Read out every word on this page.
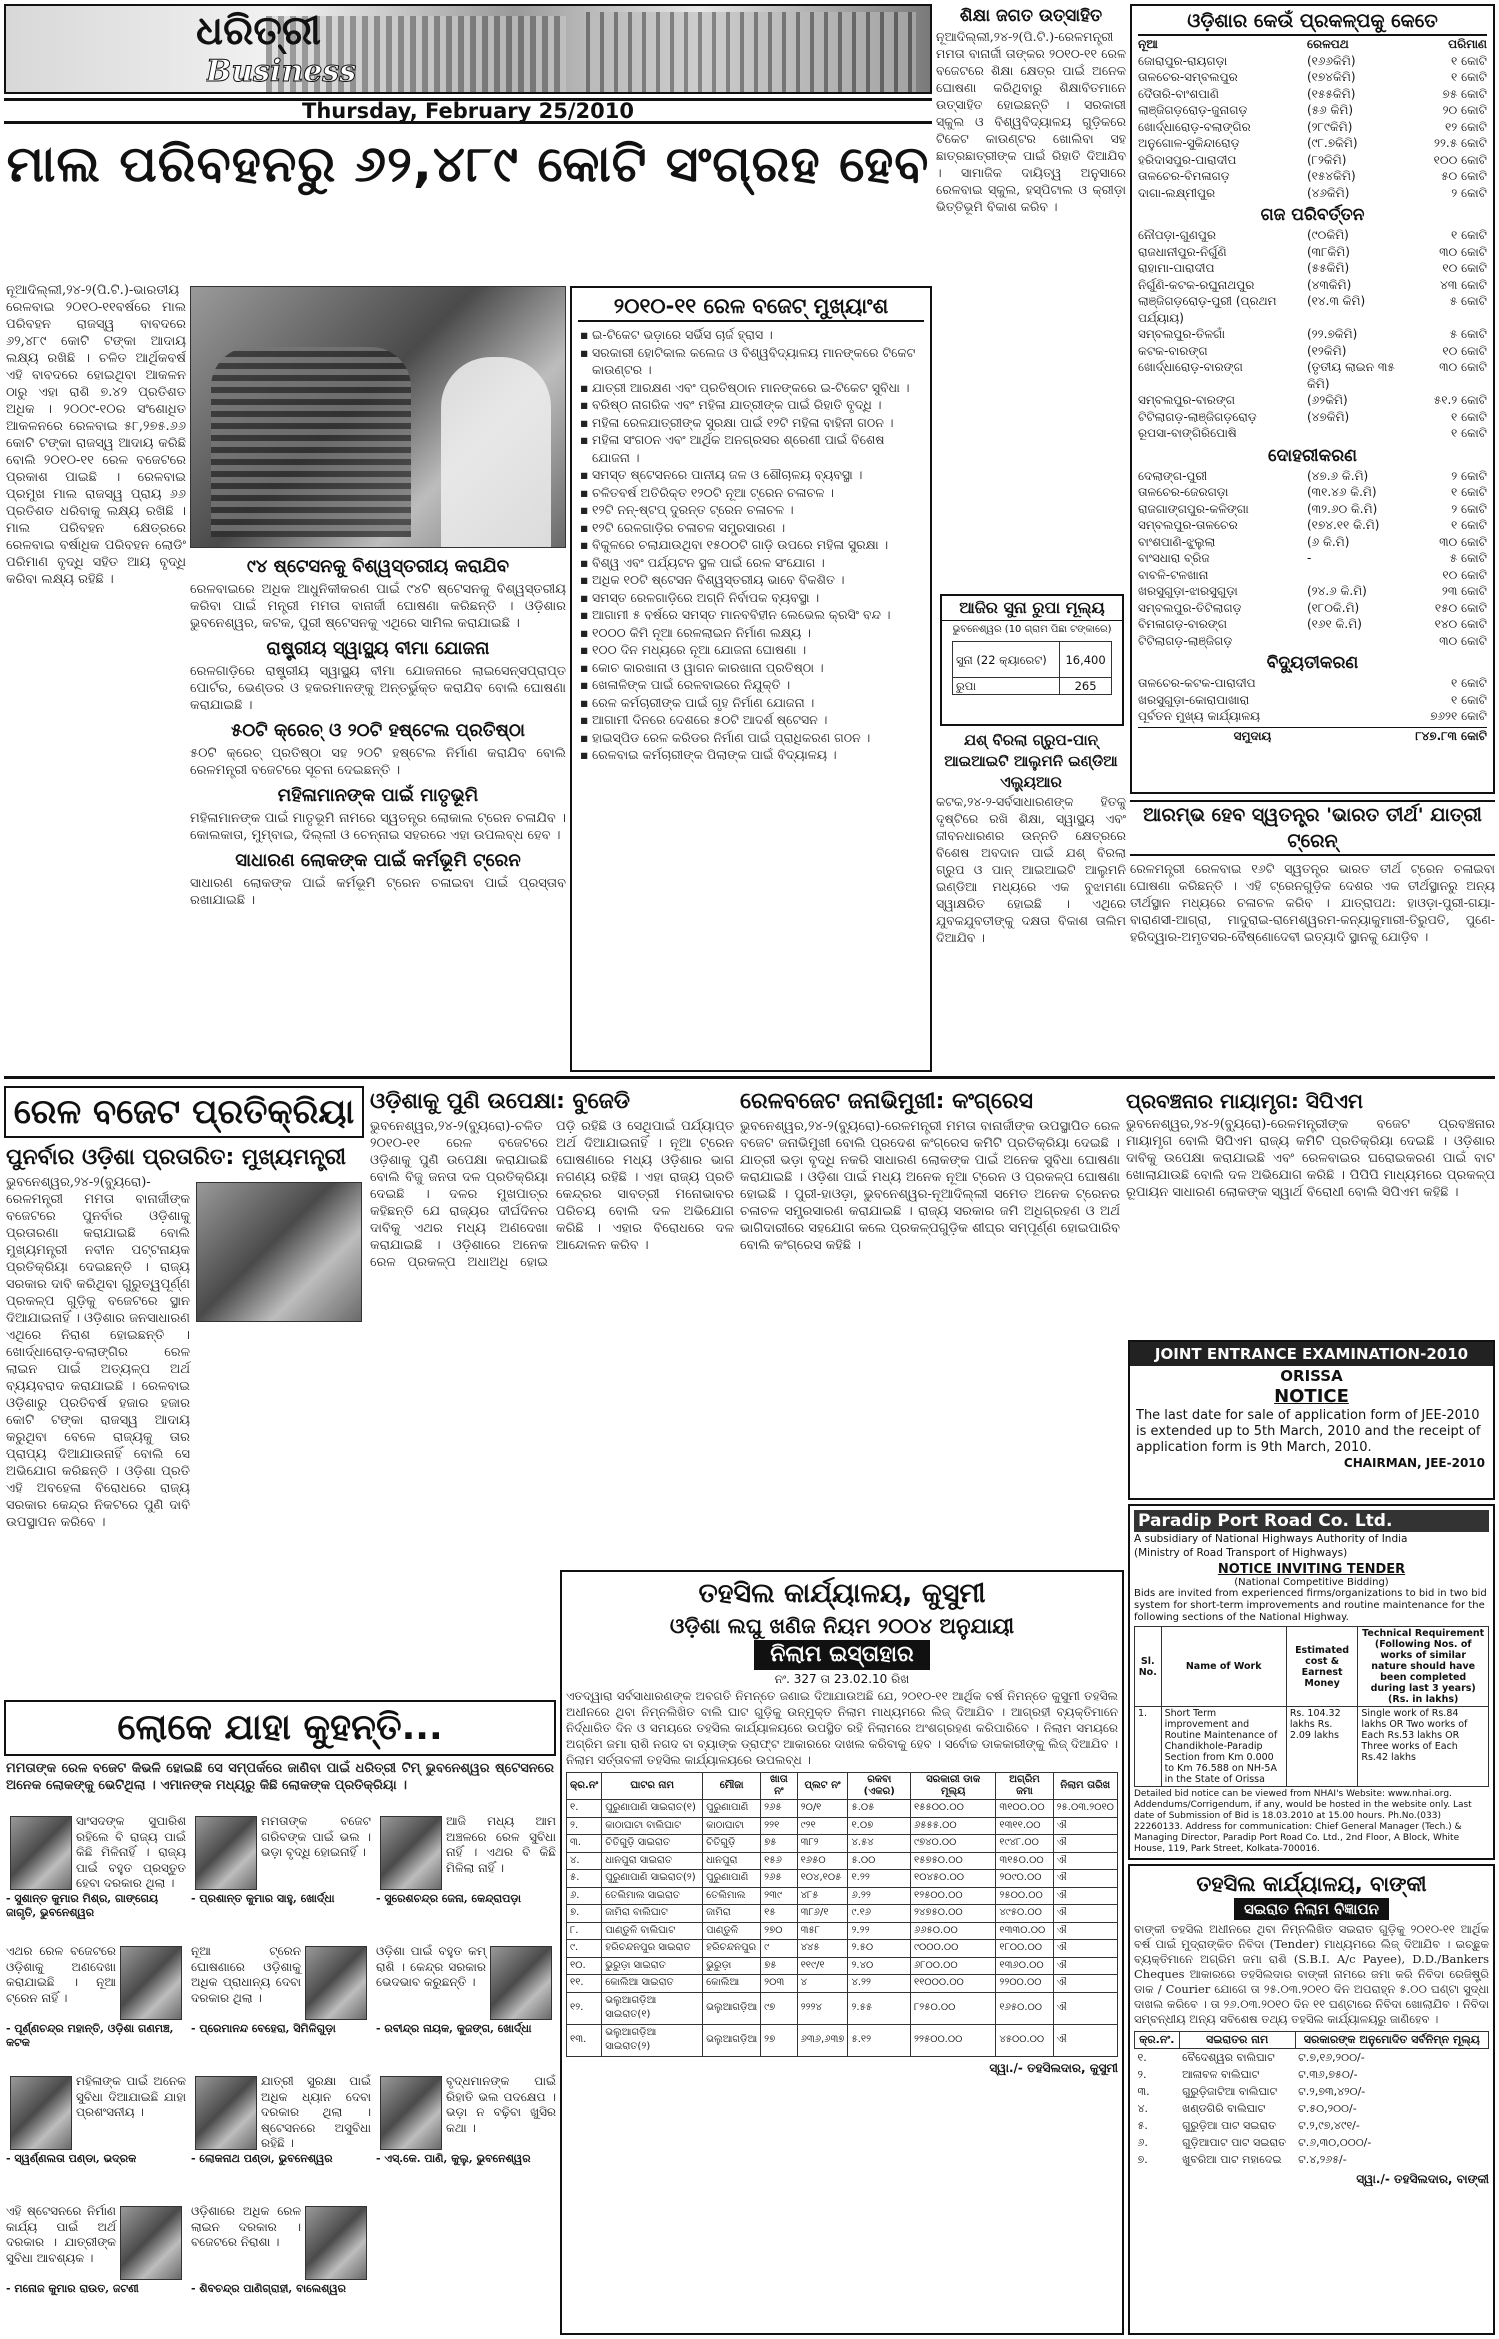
ଧରିତ୍ରୀ
Business
Thursday, February 25/2010
ମାଲ ପରିବହନରୁ ୬୨,୪୮୯ କୋଟି ସଂଗ୍ରହ ହେବ
ନୂଆଦିଲ୍ଲୀ,୨୪-୨(ପି.ଟି.)-ଭାରତୀୟ ରେଳବାଇ ୨୦୧୦-୧୧ବର୍ଷରେ ମାଲ ପରିବହନ ରାଜସ୍ୱ ବାବଦରେ ୬୨,୪୮୯ କୋଟି ଟଙ୍କା ଆଦାୟ ଲକ୍ଷ୍ୟ ରଖିଛି । ଚଳିତ ଆର୍ଥିକବର୍ଷ ଏହି ବାବଦରେ ହୋଇଥିବା ଆକଳନ ଠାରୁ ଏହା ରାଶି ୭.୪୨ ପ୍ରତିଶତ ଅଧିକ । ୨୦୦୯-୧୦ର ସଂଶୋଧିତ ଆକଳନରେ ରେଳବାଇ ୫୮,୨୭୫.୬୬ କୋଟି ଟଙ୍କା ରାଜସ୍ୱ ଆଦାୟ କରିଛି ବୋଲି ୨୦୧୦-୧୧ ରେଳ ବଜେଟରେ ପ୍ରକାଶ ପାଇଛି । ରେଳବାଇ ପ୍ରମୁଖ ମାଲ ରାଜସ୍ୱ ପ୍ରାୟ ୬୬ ପ୍ରତିଶତ ଧରିବାକୁ ଲକ୍ଷ୍ୟ ରଖିଛି । ମାଲ ପରିବହନ କ୍ଷେତ୍ରରେ ରେଳବାଇ ବର୍ଷାଧିକ ପରିବହନ ଲୋଡିଂ ପରିମାଣ ବୃଦ୍ଧି ସହିତ ଆୟ ବୃଦ୍ଧି କରିବା ଲକ୍ଷ୍ୟ ରହିଛି ।
୯୪ ଷ୍ଟେସନକୁ ବିଶ୍ୱସ୍ତରୀୟ କରାଯିବ
ରେଳବାଇରେ ଅଧିକ ଆଧୁନିକୀକରଣ ପାଇଁ ୯୪ଟି ଷ୍ଟେସନକୁ ବିଶ୍ୱସ୍ତରୀୟ କରିବା ପାଇଁ ମନ୍ତ୍ରୀ ମମତା ବାନାର୍ଜୀ ଘୋଷଣା କରିଛନ୍ତି । ଓଡ଼ିଶାର ଭୁବନେଶ୍ୱର, କଟକ, ପୁରୀ ଷ୍ଟେସନକୁ ଏଥିରେ ସାମିଲ କରାଯାଇଛି ।
ରାଷ୍ଟ୍ରୀୟ ସ୍ୱାସ୍ଥ୍ୟ ବୀମା ଯୋଜନା
ରେଳଗାଡ଼ିରେ ରାଷ୍ଟ୍ରୀୟ ସ୍ୱାସ୍ଥ୍ୟ ବୀମା ଯୋଜନାରେ ଲାଇସେନ୍ସପ୍ରାପ୍ତ ପୋର୍ଟର, ଭେଣ୍ଡର ଓ ହକରମାନଙ୍କୁ ଅନ୍ତର୍ଭୁକ୍ତ କରାଯିବ ବୋଲି ଘୋଷଣା କରାଯାଇଛି ।
୫୦ଟି କ୍ରେଚ୍ ଓ ୨୦ଟି ହଷ୍ଟେଲ ପ୍ରତିଷ୍ଠା
୫୦ଟି କ୍ରେଚ୍ ପ୍ରତିଷ୍ଠା ସହ ୨୦ଟି ହଷ୍ଟେଲ ନିର୍ମାଣ କରାଯିବ ବୋଲି ରେଳମନ୍ତ୍ରୀ ବଜେଟରେ ସୂଚନା ଦେଇଛନ୍ତି ।
ମହିଳାମାନଙ୍କ ପାଇଁ ମାତୃଭୂମି
ମହିଳାମାନଙ୍କ ପାଇଁ ମାତୃଭୂମି ନାମରେ ସ୍ୱତନ୍ତ୍ର ଲୋକାଲ ଟ୍ରେନ ଚଳାଯିବ । କୋଲକାତା, ମୁମ୍ବାଇ, ଦିଲ୍ଲୀ ଓ ଚେନ୍ନାଇ ସହରରେ ଏହା ଉପଲବ୍ଧ ହେବ ।
ସାଧାରଣ ଲୋକଙ୍କ ପାଇଁ କର୍ମଭୂମି ଟ୍ରେନ
ସାଧାରଣ ଲୋକଙ୍କ ପାଇଁ କର୍ମଭୂମି ଟ୍ରେନ ଚଳାଇବା ପାଇଁ ପ୍ରସ୍ତାବ ରଖାଯାଇଛି ।
୨୦୧୦-୧୧ ରେଳ ବଜେଟ୍ ମୁଖ୍ୟାଂଶ
▪ ଇ-ଟିକେଟ ଭଡ଼ାରେ ସର୍ଭିସ ଚାର୍ଜ ହ୍ରାସ ।
▪ ସରକାରୀ ହୋଟିକାଲ କଲେଜ ଓ ବିଶ୍ୱବିଦ୍ୟାଳୟ ମାନଙ୍କରେ ଟିକେଟ କାଉଣ୍ଟର ।
▪ ଯାତ୍ରୀ ଆରକ୍ଷଣ ଏବଂ ପ୍ରତିଷ୍ଠାନ ମାନଙ୍କରେ ଇ-ଟିକେଟ ସୁବିଧା ।
▪ ବରିଷ୍ଠ ନାଗରିକ ଏବଂ ମହିଳା ଯାତ୍ରୀଙ୍କ ପାଇଁ ରିହାତି ବୃଦ୍ଧି ।
▪ ମହିଳା ରେଳଯାତ୍ରୀଙ୍କ ସୁରକ୍ଷା ପାଇଁ ୧୨ଟି ମହିଳା ବାହିନୀ ଗଠନ ।
▪ ମହିଳା ସଂଗଠନ ଏବଂ ଆର୍ଥିକ ଅନଗ୍ରସର ଶ୍ରେଣୀ ପାଇଁ ବିଶେଷ ଯୋଜନା ।
▪ ସମସ୍ତ ଷ୍ଟେସନରେ ପାନୀୟ ଜଳ ଓ ଶୌଚାଳୟ ବ୍ୟବସ୍ଥା ।
▪ ଚଳିତବର୍ଷ ଅତିରିକ୍ତ ୧୨୦ଟି ନୂଆ ଟ୍ରେନ ଚଳାଚଳ ।
▪ ୧୨ଟି ନନ୍-ଷ୍ଟପ୍ ଦୁରନ୍ତ ଟ୍ରେନ ଚଳାଚଳ ।
▪ ୧୨ଟି ରେଳଗାଡ଼ିର ଚଳାଚଳ ସମ୍ପ୍ରସାରଣ ।
▪ ବିକୁଳରେ ଚଲାଯାଉଥିବା ୧୫୦୦ଟି ଗାଡ଼ି ଉପରେ ମହିଳା ସୁରକ୍ଷା ।
▪ ବିଶ୍ୱ ଏବଂ ପର୍ଯ୍ୟଟନ ସ୍ଥଳ ପାଇଁ ରେଳ ସଂଯୋଗ ।
▪ ଅଧିକ ୧୦ଟି ଷ୍ଟେସନ ବିଶ୍ୱସ୍ତରୀୟ ଭାବେ ବିକଶିତ ।
▪ ସମସ୍ତ ରେଳଗାଡ଼ିରେ ଅଗ୍ନି ନିର୍ବାପକ ବ୍ୟବସ୍ଥା ।
▪ ଆଗାମୀ ୫ ବର୍ଷରେ ସମସ୍ତ ମାନବବିହୀନ ଲେଭେଲ କ୍ରସିଂ ବନ୍ଦ ।
▪ ୧୦୦୦ କିମି ନୂଆ ରେଳଲାଇନ ନିର୍ମାଣ ଲକ୍ଷ୍ୟ ।
▪ ୧୦୦ ଦିନ ମଧ୍ୟରେ ନୂଆ ଯୋଜନା ଘୋଷଣା ।
▪ କୋଚ କାରଖାନା ଓ ୱାଗନ କାରଖାନା ପ୍ରତିଷ୍ଠା ।
▪ ଖେଳାଳିଙ୍କ ପାଇଁ ରେଳବାଇରେ ନିଯୁକ୍ତି ।
▪ ରେଳ କର୍ମଚାରୀଙ୍କ ପାଇଁ ଗୃହ ନିର୍ମାଣ ଯୋଜନା ।
▪ ଆଗାମୀ ଦିନରେ ଦେଶରେ ୫୦ଟି ଆଦର୍ଶ ଷ୍ଟେସନ ।
▪ ହାଇସ୍ପିଡ ରେଳ କରିଡର ନିର୍ମାଣ ପାଇଁ ପ୍ରାଧିକରଣ ଗଠନ ।
▪ ରେଳବାଇ କର୍ମଚାରୀଙ୍କ ପିଲାଙ୍କ ପାଇଁ ବିଦ୍ୟାଳୟ ।
ଶିକ୍ଷା ଜଗତ ଉତ୍ସାହିତ
ନୂଆଦିଲ୍ଲୀ,୨୪-୨(ପି.ଟି.)-ରେଳମନ୍ତ୍ରୀ ମମତା ବାନାର୍ଜୀ ତାଙ୍କର ୨୦୧୦-୧୧ ରେଳ ବଜେଟରେ ଶିକ୍ଷା କ୍ଷେତ୍ର ପାଇଁ ଅନେକ ଘୋଷଣା କରିଥିବାରୁ ଶିକ୍ଷାବିତମାନେ ଉତ୍ସାହିତ ହୋଇଛନ୍ତି । ସରକାରୀ ସ୍କୁଲ ଓ ବିଶ୍ୱବିଦ୍ୟାଳୟ ଗୁଡ଼ିକରେ ଟିକେଟ କାଉଣ୍ଟର ଖୋଲିବା ସହ ଛାତ୍ରଛାତ୍ରୀଙ୍କ ପାଇଁ ରିହାତି ଦିଆଯିବ । ସାମାଜିକ ଦାୟିତ୍ୱ ଅନୁସାରେ ରେଳବାଇ ସ୍କୁଲ, ହସ୍ପିଟାଲ ଓ କ୍ରୀଡ଼ା ଭିତ୍ତିଭୂମି ବିକାଶ କରିବ ।
ଆଜିର ସୁନା ରୁପା ମୂଲ୍ୟ
ଭୁବନେଶ୍ୱର (10 ଗ୍ରାମ ପିଛା ଟଙ୍କାରେ)
ସୁନା (22 କ୍ୟାରେଟ)	16,400
ରୁପା	265
ଯଶ୍ ବିରଲା ଗ୍ରୁପ-ପାନ୍ ଆଇଆଇଟି ଆଲୁମନି ଇଣ୍ଡିଆ ଏଲ୍ୟୁଆର
କଟକ,୨୪-୨-ସର୍ବସାଧାରଣଙ୍କ ହିତକୁ ଦୃଷ୍ଟିରେ ରଖି ଶିକ୍ଷା, ସ୍ୱାସ୍ଥ୍ୟ ଏବଂ ଜୀବନଧାରଣର ଉନ୍ନତି କ୍ଷେତ୍ରରେ ବିଶେଷ ଅବଦାନ ପାଇଁ ଯଶ୍ ବିରଲା ଗ୍ରୁପ ଓ ପାନ୍ ଆଇଆଇଟି ଆଲୁମନି ଇଣ୍ଡିଆ ମଧ୍ୟରେ ଏକ ବୁଝାମଣା ସ୍ୱାକ୍ଷରିତ ହୋଇଛି । ଏଥିରେ ଯୁବକଯୁବତୀଙ୍କୁ ଦକ୍ଷତା ବିକାଶ ତାଲିମ ଦିଆଯିବ ।
ଓଡ଼ିଶାର କେଉଁ ପ୍ରକଳ୍ପକୁ କେତେ
ନୂଆ	ରେଳପଥ	ପରିମାଣ
ଜୋରାପୁର-ରାୟଗଡ଼ା	(୧୬୬କିମି)	୧ କୋଟି
ତାଳଚେର-ସମ୍ବଲପୁର	(୧୭୪କିମି)	୧ କୋଟି
ଦୈତାରି-ବାଂଶପାଣି	(୧୫୫କିମି)	୭୫ କୋଟି
ଲାଞ୍ଜିଗଡ଼ରୋଡ଼-ଜୁନାଗଡ଼	(୫୬ କିମି)	୨୦ କୋଟି
ଖୋର୍ଦ୍ଧାରୋଡ଼-ବଲାଙ୍ଗିର	(୨୮୯କିମି)	୧୨ କୋଟି
ଅନୁଗୋଳ-ସୁକିନ୍ଦାରୋଡ଼	(୯୮.୭କିମି)	୨୨.୫ କୋଟି
ହରିଦାସପୁର-ପାରାଦୀପ	(୮୨କିମି)	୧୦୦ କୋଟି
ତାଳଚେର-ବିମଳାଗଡ଼	(୧୫୪କିମି)	୫୦ କୋଟି
ଦାଗା-ଲକ୍ଷ୍ମୀପୁର	(୪୬କିମି)	୨ କୋଟି
ଗଜ ପରିବର୍ତ୍ତନ
ନୌପଡ଼ା-ଗୁଣପୁର	(୯୦କିମି)	୧ କୋଟି
ରାଜଧାନୀପୁର-ନିର୍ଗୁଣି	(୩୮କିମି)	୩୦ କୋଟି
ରାହାମା-ପାରାଦୀପ	(୫୫କିମି)	୧୦ କୋଟି
ନିର୍ଗୁଣି-କଟକ-ରଘୁନାଥପୁର	(୪୩କିମି)	୪୩ କୋଟି
ଲାଞ୍ଜିଗଡ଼ରୋଡ଼-ପୁରୀ (ପ୍ରଥମ ପର୍ଯ୍ୟାୟ)
(୧୪.୩ କିମି)	୫ କୋଟି
ସମ୍ବଲପୁର-ତିଳଗାଁ	(୨୨.୭କିମି)	୫ କୋଟି
କଟକ-ବାରଙ୍ଗ	(୧୨କିମି)	୧୦ କୋଟି
ଖୋର୍ଦ୍ଧାରୋଡ଼-ବାରଙ୍ଗ	(ତୃତୀୟ ଲାଇନ ୩୫ କିମି)
୩୦ କୋଟି
ସମ୍ବଲପୁର-ବାରଙ୍ଗ	(୬୨କିମି)	୫୧.୨ କୋଟି
ଟିଟିଲାଗଡ଼-ଲାଞ୍ଜିଗଡ଼ରୋଡ଼	(୪୭କିମି)	୧ କୋଟି
ରୂପସା-ବାଙ୍ଗିରିପୋଷି	୧ କୋଟି
ଦୋହରୀକରଣ
ଦେଲାଙ୍ଗ-ପୁରୀ	(୪୭.୬ କି.ମି)	୨ କୋଟି
ତାଳଚେର-ଜେରଗଡ଼ା	(୩୧.୪୬ କି.ମି)	୧ କୋଟି
ରାଜଗାଙ୍ଗପୁର-କଳିଙ୍ଗା	(୩୨.୬୦ କି.ମି)	୨ କୋଟି
ସମ୍ବଲପୁର-ତାଳଚେର	(୧୭୪.୧୧ କି.ମି)	୧ କୋଟି
ବାଂଶପାଣି-ଝୁଲୁଲା	(୬ କି.ମି)	୩୦ କୋଟି
ବାଂସଧାରା ବ୍ରିଜ	-	୫ କୋଟି
ବାବଳି-ଟଳଖାନା	୧୦ କୋଟି
ଖରସୁଗୁଡ଼ା-ଝାରସୁଗୁଡ଼ା	(୨୪.୬ କି.ମି)	୨୩ କୋଟି
ସମ୍ବଲପୁର-ତିଟିଲାଗଡ଼	(୧୮୦କି.ମି)	୧୫୦ କୋଟି
ବିମଳାଗଡ଼-ବାରଙ୍ଗ	(୧୬୧ କି.ମି)	୧୪୦ କୋଟି
ଟିଟିଲାଗଡ଼-ଲାଞ୍ଜିଗଡ଼	୩୦ କୋଟି
ବିଦ୍ୟୁତୀକରଣ
ତାଳଚେର-କଟକ-ପାରାଦୀପ	୧ କୋଟି
ଖରସୁଗୁଡ଼ା-କୋରାପାଖାରା	୧ କୋଟି
ପୂର୍ବତନ ମୁଖ୍ୟ କାର୍ଯ୍ୟାଳୟ	୭୬୨୧ କୋଟି
ସମୁଦାୟ	୮୪୭.୮୩ କୋଟି
ଆରମ୍ଭ ହେବ ସ୍ୱତନ୍ତ୍ର 'ଭାରତ ତୀର୍ଥ' ଯାତ୍ରୀ ଟ୍ରେନ୍
ରେଳମନ୍ତ୍ରୀ ରେଳବାଇ ୧୬ଟି ସ୍ୱତନ୍ତ୍ର ଭାରତ ତୀର୍ଥ ଟ୍ରେନ ଚଳାଇବା ଘୋଷଣା କରିଛନ୍ତି । ଏହି ଟ୍ରେନଗୁଡ଼ିକ ଦେଶର ଏକ ତୀର୍ଥସ୍ଥାନରୁ ଅନ୍ୟ ତୀର୍ଥସ୍ଥାନ ମଧ୍ୟରେ ଚଳାଚଳ କରିବ । ଯାତ୍ରାପଥ: ହାଓଡ଼ା-ପୁରୀ-ଗୟା-ବାରାଣସୀ-ଆଗ୍ରା, ମାଦୁରାଇ-ରାମେଶ୍ୱରମ-କନ୍ୟାକୁମାରୀ-ତିରୁପତି, ପୁଣେ-ହରିଦ୍ୱାର-ଅମୃତସର-ବୈଷ୍ଣୋଦେବୀ ଇତ୍ୟାଦି ସ୍ଥାନକୁ ଯୋଡ଼ିବ ।
ରେଳ ବଜେଟ ପ୍ରତିକ୍ରିୟା
ପୁନର୍ବାର ଓଡ଼ିଶା ପ୍ରତାରିତ: ମୁଖ୍ୟମନ୍ତ୍ରୀ
ଭୁବନେଶ୍ୱର,୨୪-୨(ବ୍ୟୁରୋ)-ରେଳମନ୍ତ୍ରୀ ମମତା ବାନାର୍ଜୀଙ୍କ ବଜେଟରେ ପୁନର୍ବାର ଓଡ଼ିଶାକୁ ପ୍ରତାରଣା କରାଯାଇଛି ବୋଲି ମୁଖ୍ୟମନ୍ତ୍ରୀ ନବୀନ ପଟ୍ଟନାୟକ ପ୍ରତିକ୍ରିୟା ଦେଇଛନ୍ତି । ରାଜ୍ୟ ସରକାର ଦାବି କରିଥିବା ଗୁରୁତ୍ୱପୂର୍ଣ୍ଣ ପ୍ରକଳ୍ପ ଗୁଡ଼ିକୁ ବଜେଟରେ ସ୍ଥାନ ଦିଆଯାଇନାହିଁ । ଓଡ଼ିଶାର ଜନସାଧାରଣ ଏଥିରେ ନିରାଶ ହୋଇଛନ୍ତି । ଖୋର୍ଦ୍ଧାରୋଡ଼-ବଲାଙ୍ଗିର ରେଳ ଲାଇନ ପାଇଁ ଅତ୍ୟଳ୍ପ ଅର୍ଥ ବ୍ୟୟବରାଦ କରାଯାଇଛି । ରେଳବାଇ ଓଡ଼ିଶାରୁ ପ୍ରତିବର୍ଷ ହଜାର ହଜାର କୋଟି ଟଙ୍କା ରାଜସ୍ୱ ଆଦାୟ କରୁଥିବା ବେଳେ ରାଜ୍ୟକୁ ତାର ପ୍ରାପ୍ୟ ଦିଆଯାଉନାହିଁ ବୋଲି ସେ ଅଭିଯୋଗ କରିଛନ୍ତି । ଓଡ଼ିଶା ପ୍ରତି ଏହି ଅବହେଳା ବିରୋଧରେ ରାଜ୍ୟ ସରକାର କେନ୍ଦ୍ର ନିକଟରେ ପୁଣି ଦାବି ଉପସ୍ଥାପନ କରିବେ ।
ଓଡ଼ିଶାକୁ ପୁଣି ଉପେକ୍ଷା: ବୁଜେଡି
ଭୁବନେଶ୍ୱର,୨୪-୨(ବ୍ୟୁରୋ)-ଚଳିତ ୨୦୧୦-୧୧ ରେଳ ବଜେଟରେ ଓଡ଼ିଶାକୁ ପୁଣି ଉପେକ୍ଷା କରାଯାଇଛି ବୋଲି ବିଜୁ ଜନତା ଦଳ ପ୍ରତିକ୍ରିୟା ଦେଇଛି । ଦଳର ମୁଖପାତ୍ର କହିଛନ୍ତି ଯେ ରାଜ୍ୟର ଦୀର୍ଘଦିନର ଦାବିକୁ ଏଥର ମଧ୍ୟ ଅଣଦେଖା କରାଯାଇଛି । ଓଡ଼ିଶାରେ ଅନେକ ରେଳ ପ୍ରକଳ୍ପ ଅଧାଅଧି ହୋଇ ପଡ଼ି ରହିଛି ଓ ସେଥିପାଇଁ ପର୍ଯ୍ୟାପ୍ତ ଅର୍ଥ ଦିଆଯାଇନାହିଁ । ନୂଆ ଟ୍ରେନ ଘୋଷଣାରେ ମଧ୍ୟ ଓଡ଼ିଶାର ଭାଗ ନଗଣ୍ୟ ରହିଛି । ଏହା ରାଜ୍ୟ ପ୍ରତି କେନ୍ଦ୍ରର ସାବତ୍ରୀ ମନୋଭାବର ପରିଚୟ ବୋଲି ଦଳ ଅଭିଯୋଗ କରିଛି । ଏହାର ବିରୋଧରେ ଦଳ ଆନ୍ଦୋଳନ କରିବ ।
ରେଳବଜେଟ ଜନାଭିମୁଖୀ: କଂଗ୍ରେସ
ଭୁବନେଶ୍ୱର,୨୪-୨(ବ୍ୟୁରୋ)-ରେଳମନ୍ତ୍ରୀ ମମତା ବାନାର୍ଜୀଙ୍କ ଉପସ୍ଥାପିତ ରେଳ ବଜେଟ ଜନାଭିମୁଖୀ ବୋଲି ପ୍ରଦେଶ କଂଗ୍ରେସ କମିଟି ପ୍ରତିକ୍ରିୟା ଦେଇଛି । ଯାତ୍ରୀ ଭଡ଼ା ବୃଦ୍ଧି ନକରି ସାଧାରଣ ଲୋକଙ୍କ ପାଇଁ ଅନେକ ସୁବିଧା ଘୋଷଣା କରାଯାଇଛି । ଓଡ଼ିଶା ପାଇଁ ମଧ୍ୟ ଅନେକ ନୂଆ ଟ୍ରେନ ଓ ପ୍ରକଳ୍ପ ଘୋଷଣା ହୋଇଛି । ପୁରୀ-ହାଓଡ଼ା, ଭୁବନେଶ୍ୱର-ନୂଆଦିଲ୍ଲୀ ସମେତ ଅନେକ ଟ୍ରେନର ଚଳାଚଳ ସମ୍ପ୍ରସାରଣ କରାଯାଇଛି । ରାଜ୍ୟ ସରକାର ଜମି ଅଧିଗ୍ରହଣ ଓ ଅର୍ଥ ଭାଗିଦାରୀରେ ସହଯୋଗ କଲେ ପ୍ରକଳ୍ପଗୁଡ଼ିକ ଶୀଘ୍ର ସମ୍ପୂର୍ଣ୍ଣ ହୋଇପାରିବ ବୋଲି କଂଗ୍ରେସ କହିଛି ।
ପ୍ରବଞ୍ଚନାର ମାୟାମୃଗ: ସିପିଏମ
ଭୁବନେଶ୍ୱର,୨୪-୨(ବ୍ୟୁରୋ)-ରେଳମନ୍ତ୍ରୀଙ୍କ ବଜେଟ ପ୍ରବଞ୍ଚନାର ମାୟାମୃଗ ବୋଲି ସିପିଏମ ରାଜ୍ୟ କମିଟି ପ୍ରତିକ୍ରିୟା ଦେଇଛି । ଓଡ଼ିଶାର ଦାବିକୁ ଉପେକ୍ଷା କରାଯାଇଛି ଏବଂ ରେଳବାଇର ଘରୋଇକରଣ ପାଇଁ ବାଟ ଖୋଲାଯାଉଛି ବୋଲି ଦଳ ଅଭିଯୋଗ କରିଛି । ପିପିପି ମାଧ୍ୟମରେ ପ୍ରକଳ୍ପ ରୂପାୟନ ସାଧାରଣ ଲୋକଙ୍କ ସ୍ୱାର୍ଥ ବିରୋଧୀ ବୋଲି ସିପିଏମ କହିଛି ।
JOINT ENTRANCE EXAMINATION-2010
ORISSA
NOTICE
The last date for sale of application form of JEE-2010 is extended up to 5th March, 2010 and the receipt of application form is 9th March, 2010.
CHAIRMAN, JEE-2010
Paradip Port Road Co. Ltd.
A subsidiary of National Highways Authority of India
(Ministry of Road Transport of Highways)
NOTICE INVITING TENDER
(National Competitive Bidding)
Bids are invited from experienced firms/organizations to bid in two bid system for short-term improvements and routine maintenance for the following sections of the National Highway.
Sl. No.	Name of Work	Estimated cost & Earnest Money	Technical Requirement (Following Nos. of works of similar nature should have been completed during last 3 years) (Rs. in lakhs)
1.	Short Term improvement and Routine Maintenance of Chandikhole-Paradip Section from Km 0.000 to Km 76.588 on NH-5A in the State of Orissa	Rs. 104.32 lakhs Rs. 2.09 lakhs	Single work of Rs.84 lakhs OR Two works of Each Rs.53 lakhs OR Three works of Each Rs.42 lakhs
Detailed bid notice can be viewed from NHAI's Website: www.nhai.org. Addendums/Corrigendum, if any, would be hosted in the website only. Last date of Submission of Bid is 18.03.2010 at 15.00 hours. Ph.No.(033) 22260133. Address for communication: Chief General Manager (Tech.) & Managing Director, Paradip Port Road Co. Ltd., 2nd Floor, A Block, White House, 119, Park Street, Kolkata-700016.
ଲୋକେ ଯାହା କୁହନ୍ତି...
ମମତାଙ୍କ ରେଳ ବଜେଟ କିଭଳି ହୋଇଛି ସେ ସମ୍ପର୍କରେ ଜାଣିବା ପାଇଁ ଧରିତ୍ରୀ ଟିମ୍ ଭୁବନେଶ୍ୱର ଷ୍ଟେସନରେ ଅନେକ ଲୋକଙ୍କୁ ଭେଟିଥିଲା । ଏମାନଙ୍କ ମଧ୍ୟରୁ କିଛି ଲୋକଙ୍କ ପ୍ରତିକ୍ରିୟା ।
ସାଂସଦଙ୍କ ସୁପାରିଶ ରହିଲେ ବି ରାଜ୍ୟ ପାଇଁ କିଛି ମିଳିନାହିଁ । ରାଜ୍ୟ ପାଇଁ ବହୁତ ପ୍ରସ୍ତୁତ ହେବା ଦରକାର ଥିଲା ।
- ସୁଶାନ୍ତ କୁମାର ମିଶ୍ର, ଗାଙ୍ଗେୟ ଜାଗୃତି, ଭୁବନେଶ୍ୱର
ଏଥର ରେଳ ବଜେଟରେ ଓଡ଼ିଶାକୁ ଅଣଦେଖା କରାଯାଇଛି । ନୂଆ ଟ୍ରେନ ନାହିଁ ।
- ପୂର୍ଣ୍ଣଚନ୍ଦ୍ର ମହାନ୍ତି, ଓଡ଼ିଶା ଗଣମଞ୍ଚ, କଟକ
ମହିଳାଙ୍କ ପାଇଁ ଅନେକ ସୁବିଧା ଦିଆଯାଇଛି ଯାହା ପ୍ରଶଂସନୀୟ ।
- ସ୍ୱର୍ଣ୍ଣଲତା ପଣ୍ଡା, ଭଦ୍ରକ
ଏହି ଷ୍ଟେସନରେ ନିର୍ମାଣ କାର୍ଯ୍ୟ ପାଇଁ ଅର୍ଥ ଦରକାର । ଯାତ୍ରୀଙ୍କ ସୁବିଧା ଆବଶ୍ୟକ ।
- ମନୋଜ କୁମାର ରାଉତ, ଜଟଣୀ
ମମତାଙ୍କ ବଜେଟ ଗରିବଙ୍କ ପାଇଁ ଭଲ । ଭଡ଼ା ବୃଦ୍ଧି ହୋଇନାହିଁ ।
- ପ୍ରଶାନ୍ତ କୁମାର ସାହୁ, ଖୋର୍ଦ୍ଧା
ନୂଆ ଟ୍ରେନ ଘୋଷଣାରେ ଓଡ଼ିଶାକୁ ଅଧିକ ପ୍ରାଧାନ୍ୟ ଦେବା ଦରକାର ଥିଲା ।
- ପ୍ରେମାନନ୍ଦ ବେହେରା, ସିମିଳିଗୁଡ଼ା
ଯାତ୍ରୀ ସୁରକ୍ଷା ପାଇଁ ଅଧିକ ଧ୍ୟାନ ଦେବା ଦରକାର ଥିଲା । ଷ୍ଟେସନରେ ଅସୁବିଧା ରହିଛି ।
- ଲୋକନାଥ ପଣ୍ଡା, ଭୁବନେଶ୍ୱର
ଓଡ଼ିଶାରେ ଅଧିକ ରେଳ ଲାଇନ ଦରକାର । ବଜେଟରେ ନିରାଶା ।
- ଶିବଚନ୍ଦ୍ର ପାଣିଗ୍ରାହୀ, ବାଲେଶ୍ୱର
ଆଜି ମଧ୍ୟ ଆମ ଅଞ୍ଚଳରେ ରେଳ ସୁବିଧା ନାହିଁ । ଏଥର ବି କିଛି ମିଳିଲା ନାହିଁ ।
- ସୁରେଶଚନ୍ଦ୍ର ଜେନା, କେନ୍ଦ୍ରାପଡ଼ା
ଓଡ଼ିଶା ପାଇଁ ବହୁତ କମ୍ ରାଶି । କେନ୍ଦ୍ର ସରକାର ଭେଦଭାବ କରୁଛନ୍ତି ।
- ରବୀନ୍ଦ୍ର ନାୟକ, କୁଜଙ୍ଗ, ଖୋର୍ଦ୍ଧା
ବୃଦ୍ଧମାନଙ୍କ ପାଇଁ ରିହାତି ଭଲ ପଦକ୍ଷେପ । ଭଡ଼ା ନ ବଢ଼ିବା ଖୁସିର କଥା ।
- ଏସ୍.କେ. ପାଣି, କୁଲୁ, ଭୁବନେଶ୍ୱର
ତହସିଲ କାର୍ଯ୍ୟାଳୟ, କୁସୁମୀ
ଓଡ଼ିଶା ଲଘୁ ଖଣିଜ ନିୟମ ୨୦୦୪ ଅନୁଯାୟୀ
ନିଲାମ ଇସ୍ତାହାର
ନଂ. 327 ତା 23.02.10 ରିଖ
ଏତଦ୍ୱାରା ସର୍ବସାଧାରଣଙ୍କ ଅବଗତି ନିମନ୍ତେ ଜଣାଇ ଦିଆଯାଉଅଛି ଯେ, ୨୦୧୦-୧୧ ଆର୍ଥିକ ବର୍ଷ ନିମନ୍ତେ କୁସୁମୀ ତହସିଲ ଅଧୀନରେ ଥିବା ନିମ୍ନଲିଖିତ ବାଲି ଘାଟ ଗୁଡ଼ିକୁ ଉନ୍ମୁକ୍ତ ନିଲାମ ମାଧ୍ୟମରେ ଲିଜ୍ ଦିଆଯିବ । ଆଗ୍ରହୀ ବ୍ୟକ୍ତିମାନେ ନିର୍ଦ୍ଧାରିତ ଦିନ ଓ ସମୟରେ ତହସିଲ କାର୍ଯ୍ୟାଳୟରେ ଉପସ୍ଥିତ ରହି ନିଲାମରେ ଅଂଶଗ୍ରହଣ କରିପାରିବେ । ନିଲାମ ସମୟରେ ଅଗ୍ରିମ ଜମା ରାଶି ନଗଦ ବା ବ୍ୟାଙ୍କ ଡ୍ରାଫ୍ଟ ଆକାରରେ ଦାଖଲ କରିବାକୁ ହେବ । ସର୍ବୋଚ୍ଚ ଡାକକାରୀଙ୍କୁ ଲିଜ୍ ଦିଆଯିବ । ନିଲାମ ସର୍ତ୍ତାବଳୀ ତହସିଲ କାର୍ଯ୍ୟାଳୟରେ ଉପଲବ୍ଧ ।
କ୍ର.ନଂ	ଘାଟର ନାମ	ମୌଜା	ଖାତା ନଂ	ପ୍ଲଟ ନଂ	ରକବା (ଏକର)	ସରକାରୀ ଡାକ ମୂଲ୍ୟ	ଅଗ୍ରିମ ଜମା	ନିଲାମ ତାରିଖ
୧.	ପୁରୁଣାପାଣି ସାଇରାତ(୧)	ପୁରୁଣାପାଣି	୨୬୫	୨୦/୧	୫.୦୫	୧୫୫୦୦.୦୦	୩୧୦୦.୦୦	୨୫.୦୩.୨୦୧୦
୨.	କାଠାଘାଟା ବାଲିଘାଟ	କାଠାଘାଟା	୨୨୧	୯୨୧	୧.୦୭	୬୫୫୫.୦୦	୧୩୧୧.୦୦	ଐ
୩.	ଚିତିଗୁଡ଼ି ସାଇରାତ	ଚିତିଗୁଡ଼ି	୭୫	୩୮୨	୪.୫୪	୯୭୪୦.୦୦	୧୯୪୮.୦୦	ଐ
୪.	ଧାନପୁରା ସାଇରାତ	ଧାନପୁରା	୧୫୬	୧୬୫୦	୫.୦୦	୧୫୭୫୦.୦୦	୩୧୫୦.୦୦	ଐ
୫.	ପୁରୁଣାପାଣି ସାଇରାତ(୨)	ପୁରୁଣାପାଣି	୨୬୫	୧୦୪,୧୦୫	୧.୨୨	୧୦୪୫୦.୦୦	୨୦୯୦.୦୦	ଐ
୬.	ତେଲିମାଲ ସାଇରାତ	ତେଲିମାଲ	୨୩୯	୪୮୫	୬.୨୨	୧୨୫୦୦.୦୦	୨୫୦୦.୦୦	ଐ
୭.	ଜାମିରା ବାଲିଘାଟ	ଜାମିରା	୧୫	୩୮୬/୧	୯.୧୬	୨୪୭୫୦.୦୦	୪୯୫୦.୦୦	ଐ
୮.	ପାଣ୍ଡୁଳି ବାଲିଘାଟ	ପାଣ୍ଡୁଳି	୨୭୦	୩୫୮	୨.୨୨	୬୬୫୦.୦୦	୧୩୩୦.୦୦	ଐ
୯.	ହରିଚନ୍ଦନପୁର ସାଇରାତ	ହରିଚନ୍ଦନପୁର	୯	୪୪୫	୨.୫୦	୯୦୦୦.୦୦	୧୮୦୦.୦୦	ଐ
୧୦.	ଭୁରୁଡ଼ା ସାଇରାତ	ଭୁରୁଡ଼ା	୭୫	୧୧୯/୧	୨.୪୦	୬୮୦୦.୦୦	୧୩୬୦.୦୦	ଐ
୧୧.	କୋଲିଆ ସାଇରାତ	କୋଲିଆ	୨୦୩	୪	୪.୨୨	୧୧୦୦୦.୦୦	୨୨୦୦.୦୦	ଐ
୧୨.	ଭଲୁଆଗଡ଼ିଆ ସାଇରାତ(୧)	ଭଲୁଆଗଡ଼ିଆ	୯୭	୨୨୨୪	୨.୫୫	୮୨୫୦.୦୦	୧୬୫୦.୦୦	ଐ
୧୩.	ଭଲୁଆଗଡ଼ିଆ ସାଇରାତ(୨)	ଭଲୁଆଗଡ଼ିଆ	୨୭	୬୩୬,୬୩୭	୫.୧୨	୨୨୫୦୦.୦୦	୪୫୦୦.୦୦	ଐ
ସ୍ୱା./- ତହସିଲଦାର, କୁସୁମୀ
ତହସିଲ କାର୍ଯ୍ୟାଳୟ, ବାଙ୍କୀ
ସଇରାତ ନିଲାମ ବିଜ୍ଞାପନ
ବାଙ୍କୀ ତହସିଲ ଅଧୀନରେ ଥିବା ନିମ୍ନଲିଖିତ ସଇରାତ ଗୁଡ଼ିକୁ ୨୦୧୦-୧୧ ଆର୍ଥିକ ବର୍ଷ ପାଇଁ ମୁଦ୍ରାଙ୍କିତ ନିବିଦା (Tender) ମାଧ୍ୟମରେ ଲିଜ୍ ଦିଆଯିବ । ଇଚ୍ଛୁକ ବ୍ୟକ୍ତିମାନେ ଅଗ୍ରିମ ଜମା ରାଶି (S.B.I. A/c Payee), D.D./Bankers Cheques ଆକାରରେ ତହସିଲଦାର ବାଙ୍କୀ ନାମରେ ଜମା କରି ନିବିଦା ରେଜିଷ୍ଟ୍ରି ଡାକ / Courier ଯୋଗେ ତା ୨୫.୦୩.୨୦୧୦ ଦିନ ଅପରାହ୍ନ ୫.୦୦ ଘଣ୍ଟା ସୁଦ୍ଧା ଦାଖଲ କରିବେ । ତା ୨୬.୦୩.୨୦୧୦ ଦିନ ୧୧ ଘଣ୍ଟାରେ ନିବିଦା ଖୋଲାଯିବ । ନିବିଦା ସମ୍ବନ୍ଧୀୟ ଅନ୍ୟ ସବିଶେଷ ତଥ୍ୟ ତହସିଲ କାର୍ଯ୍ୟାଳୟରୁ ଜାଣିହେବ ।
କ୍ର.ନଂ.	ସଇରାତର ନାମ	ସରକାରଙ୍କ ଅନୁମୋଦିତ ସର୍ବନିମ୍ନ ମୂଲ୍ୟ
୧.	ବୈଦେଶ୍ୱର ବାଲିଘାଟ	ଟ.୭,୧୬,୨୦୦/-
୨.	ଆଳାବଳ ବାଲିଘାଟ	ଟ.୩୬,୭୫୦/-
୩.	ଗୁରୁଡ଼ିଜାଟିଆ ବାଲିଘାଟ	ଟ.୨,୭୩,୪୨୦/-
୪.	ଖଣ୍ଡଗିରି ବାଲିଘାଟ	ଟ.୫୦,୨୦୦/-
୫.	ଗୁରୁଡ଼ିଆ ପାଟ ସଇରାତ	ଟ.୨,୯୭,୪୯୧/-
୬.	ଗୁଡ଼ିଆପାଟ ପାଟ ସଇରାତ	ଟ.୬,୩୦,୦୦୦/-
୭.	ଖୁବରିଆ ପାଟ ମହାଦେଇ	ଟ.୪,୨୬୫/-
ସ୍ୱା./- ତହସିଲଦାର, ବାଙ୍କୀ
